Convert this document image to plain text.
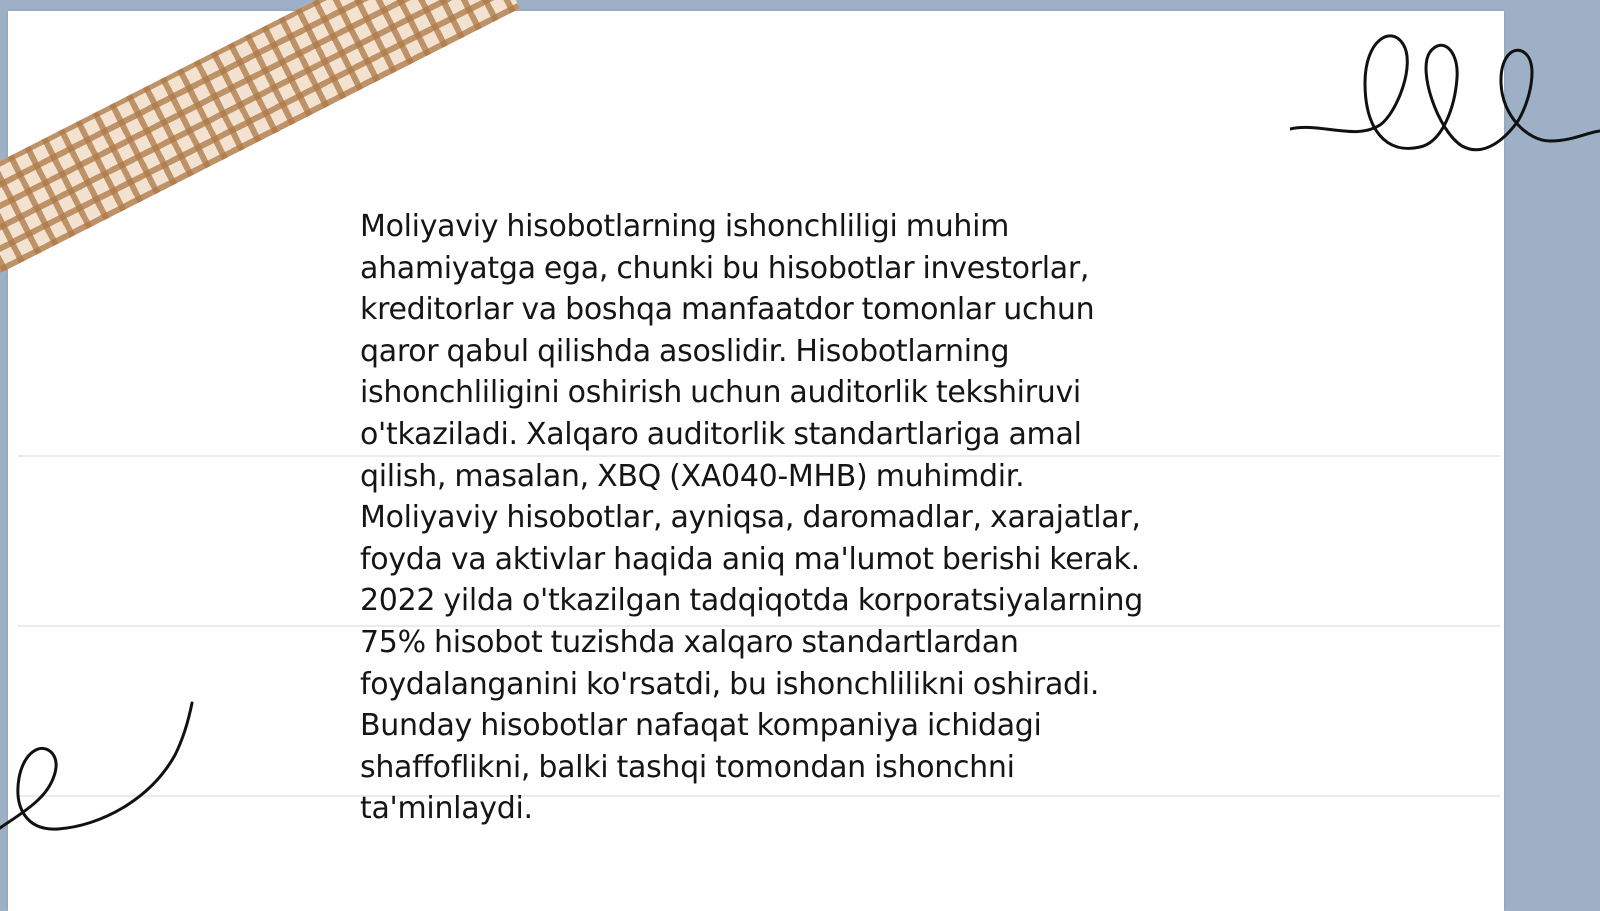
Moliyaviy hisobotlarning ishonchliligi muhim
ahamiyatga ega, chunki bu hisobotlar investorlar,
kreditorlar va boshqa manfaatdor tomonlar uchun
qaror qabul qilishda asoslidir. Hisobotlarning
ishonchliligini oshirish uchun auditorlik tekshiruvi
o'tkaziladi. Xalqaro auditorlik standartlariga amal
qilish, masalan, XBQ (XA040-MHB) muhimdir.
Moliyaviy hisobotlar, ayniqsa, daromadlar, xarajatlar,
foyda va aktivlar haqida aniq ma'lumot berishi kerak.
2022 yilda o'tkazilgan tadqiqotda korporatsiyalarning
75% hisobot tuzishda xalqaro standartlardan
foydalanganini ko'rsatdi, bu ishonchlilikni oshiradi.
Bunday hisobotlar nafaqat kompaniya ichidagi
shaffoflikni, balki tashqi tomondan ishonchni
ta'minlaydi.
